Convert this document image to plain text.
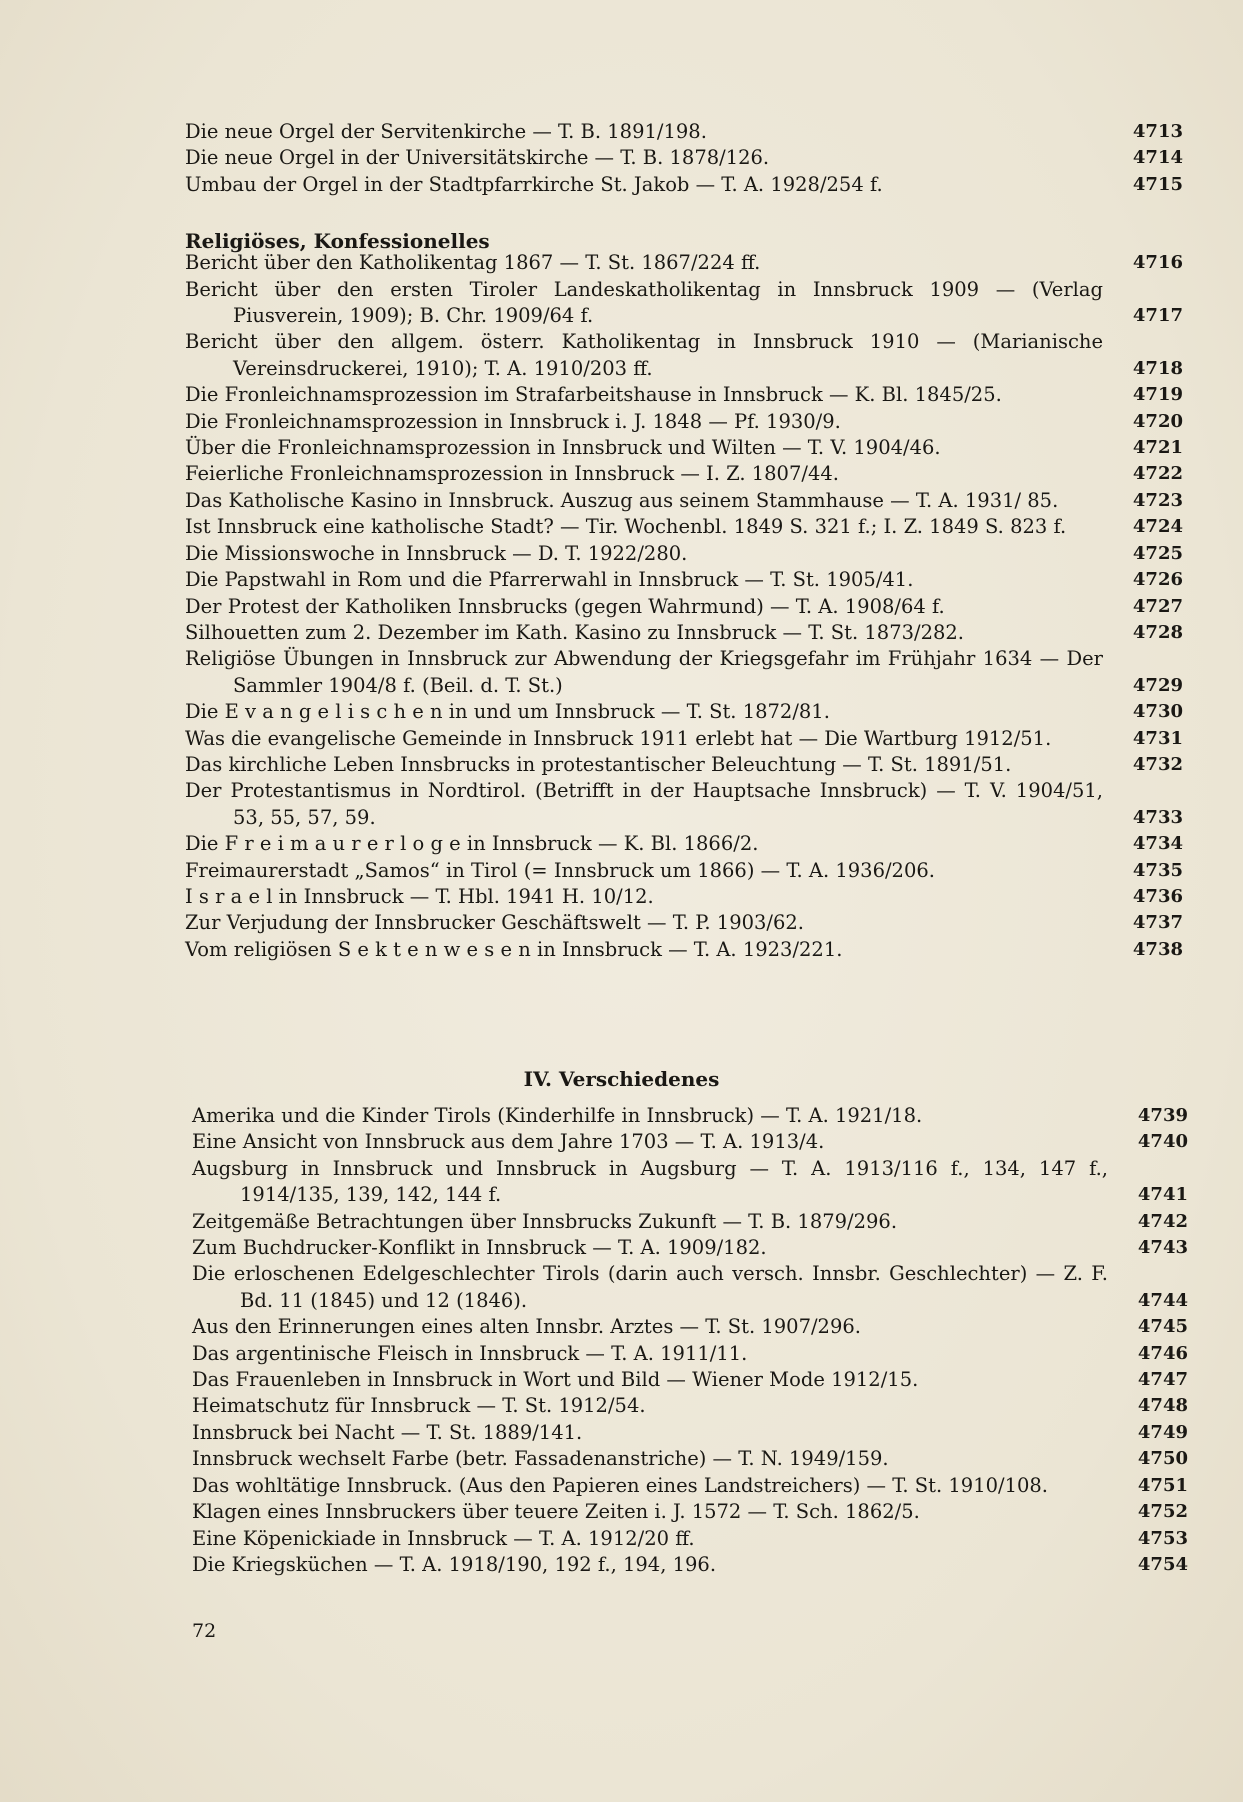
Die neue Orgel der Servitenkirche — T. B. 1891/198.	4713
Die neue Orgel in der Universitätskirche — T. B. 1878/126.	4714
Umbau der Orgel in der Stadtpfarrkirche St. Jakob — T. A. 1928/254 f.	4715
Bericht über den Katholikentag 1867 — T. St. 1867/224 ff.	4716
Bericht über den ersten Tiroler Landeskatholikentag in Innsbruck 1909 — (Verlag Piusverein, 1909); B. Chr. 1909/64 f.	4717
Bericht über den allgem. österr. Katholikentag in Innsbruck 1910 — (Marianische Vereinsdruckerei, 1910); T. A. 1910/203 ff.	4718
Die Fronleichnamsprozession im Strafarbeitshause in Innsbruck — K. Bl. 1845/25.	4719
Die Fronleichnamsprozession in Innsbruck i. J. 1848 — Pf. 1930/9.	4720
Über die Fronleichnamsprozession in Innsbruck und Wilten — T. V. 1904/46.	4721
Feierliche Fronleichnamsprozession in Innsbruck — I. Z. 1807/44.	4722
Das Katholische Kasino in Innsbruck. Auszug aus seinem Stammhause — T. A. 1931/ 85.	4723
Ist Innsbruck eine katholische Stadt? — Tir. Wochenbl. 1849 S. 321 f.; I. Z. 1849 S. 823 f.	4724
Die Missionswoche in Innsbruck — D. T. 1922/280.	4725
Die Papstwahl in Rom und die Pfarrerwahl in Innsbruck — T. St. 1905/41.	4726
Der Protest der Katholiken Innsbrucks (gegen Wahrmund) — T. A. 1908/64 f.	4727
Silhouetten zum 2. Dezember im Kath. Kasino zu Innsbruck — T. St. 1873/282.	4728
Religiöse Übungen in Innsbruck zur Abwendung der Kriegsgefahr im Frühjahr 1634 — Der Sammler 1904/8 f. (Beil. d. T. St.)	4729
Die E v a n g e l i s c h e n in und um Innsbruck — T. St. 1872/81.	4730
Was die evangelische Gemeinde in Innsbruck 1911 erlebt hat — Die Wartburg 1912/51.	4731
Das kirchliche Leben Innsbrucks in protestantischer Beleuchtung — T. St. 1891/51.	4732
Der Protestantismus in Nordtirol. (Betrifft in der Hauptsache Innsbruck) — T. V. 1904/51, 53, 55, 57, 59.	4733
Die F r e i m a u r e r l o g e in Innsbruck — K. Bl. 1866/2.	4734
Freimaurerstadt „Samos“ in Tirol (= Innsbruck um 1866) — T. A. 1936/206.	4735
I s r a e l in Innsbruck — T. Hbl. 1941 H. 10/12.	4736
Zur Verjudung der Innsbrucker Geschäftswelt — T. P. 1903/62.	4737
Vom religiösen S e k t e n w e s e n in Innsbruck — T. A. 1923/221.	4738
Religiöses, Konfessionelles
IV. Verschiedenes
Amerika und die Kinder Tirols (Kinderhilfe in Innsbruck) — T. A. 1921/18.	4739
Eine Ansicht von Innsbruck aus dem Jahre 1703 — T. A. 1913/4.	4740
Augsburg in Innsbruck und Innsbruck in Augsburg — T. A. 1913/116 f., 134, 147 f., 1914/135, 139, 142, 144 f.	4741
Zeitgemäße Betrachtungen über Innsbrucks Zukunft — T. B. 1879/296.	4742
Zum Buchdrucker-Konflikt in Innsbruck — T. A. 1909/182.	4743
Die erloschenen Edelgeschlechter Tirols (darin auch versch. Innsbr. Geschlechter) — Z. F. Bd. 11 (1845) und 12 (1846).	4744
Aus den Erinnerungen eines alten Innsbr. Arztes — T. St. 1907/296.	4745
Das argentinische Fleisch in Innsbruck — T. A. 1911/11.	4746
Das Frauenleben in Innsbruck in Wort und Bild — Wiener Mode 1912/15.	4747
Heimatschutz für Innsbruck — T. St. 1912/54.	4748
Innsbruck bei Nacht — T. St. 1889/141.	4749
Innsbruck wechselt Farbe (betr. Fassadenanstriche) — T. N. 1949/159.	4750
Das wohltätige Innsbruck. (Aus den Papieren eines Landstreichers) — T. St. 1910/108.	4751
Klagen eines Innsbruckers über teuere Zeiten i. J. 1572 — T. Sch. 1862/5.	4752
Eine Köpenickiade in Innsbruck — T. A. 1912/20 ff.	4753
Die Kriegsküchen — T. A. 1918/190, 192 f., 194, 196.	4754
72
